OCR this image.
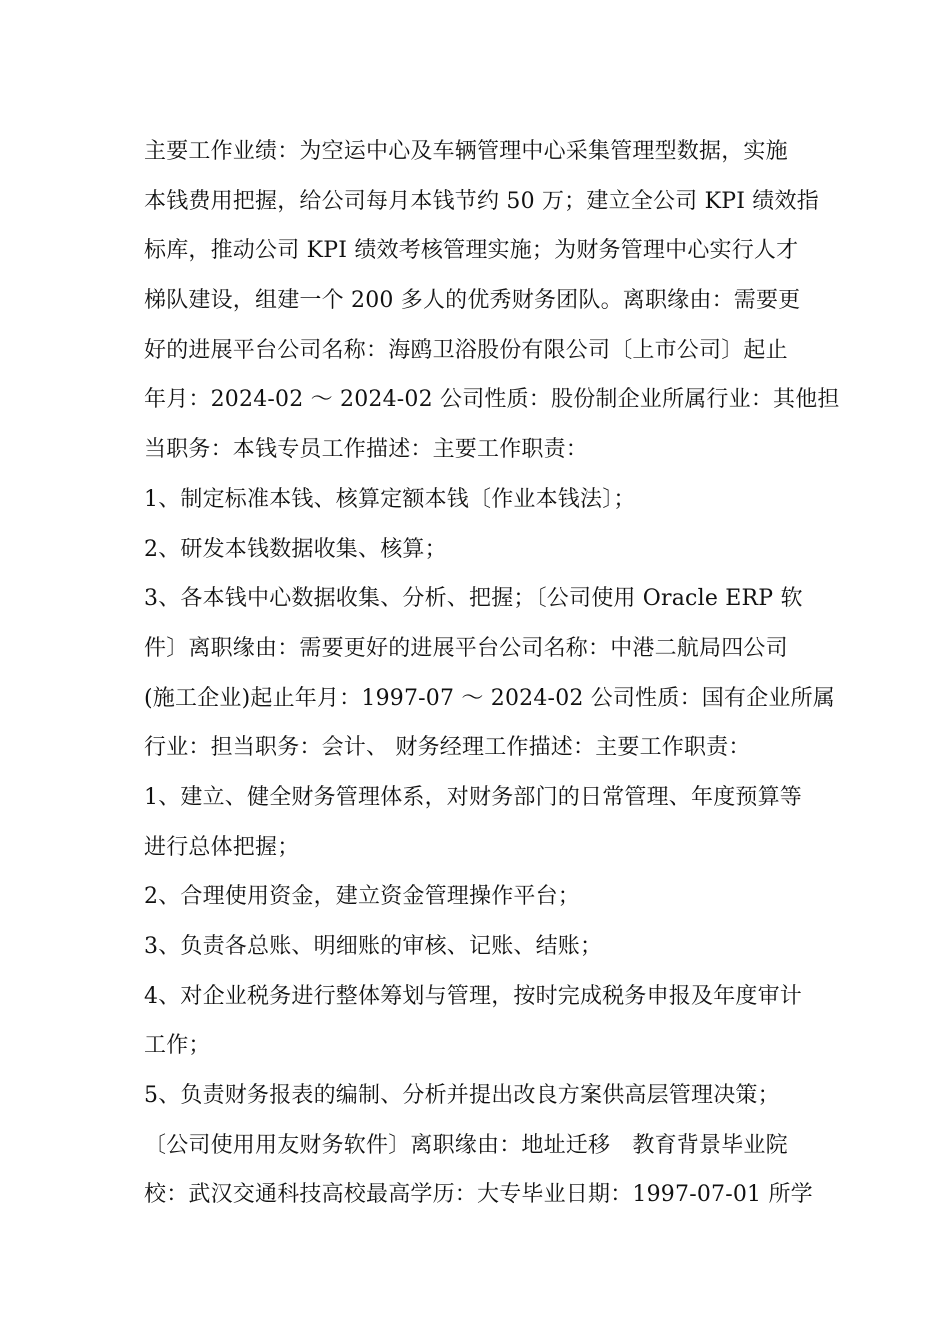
主要工作业绩：为空运中心及车辆管理中心采集管理型数据，实施
本钱费用把握，给公司每月本钱节约 50 万；建立全公司 KPI 绩效指
标库，推动公司 KPI 绩效考核管理实施；为财务管理中心实行人才
梯队建设，组建一个 200 多人的优秀财务团队。离职缘由：需要更
好的进展平台公司名称：海鸥卫浴股份有限公司〔上市公司〕起止
年月：2024-02 ～ 2024-02 公司性质：股份制企业所属行业：其他担
当职务：本钱专员工作描述：主要工作职责：
1、制定标准本钱、核算定额本钱〔作业本钱法〕；
2、研发本钱数据收集、核算；
3、各本钱中心数据收集、分析、把握；〔公司使用 Oracle ERP 软
件〕离职缘由：需要更好的进展平台公司名称：中港二航局四公司
(施工企业)起止年月：1997-07 ～ 2024-02 公司性质：国有企业所属
行业：担当职务：会计、 财务经理工作描述：主要工作职责：
1、建立、健全财务管理体系，对财务部门的日常管理、年度预算等
进行总体把握；
2、合理使用资金，建立资金管理操作平台；
3、负责各总账、明细账的审核、记账、结账；
4、对企业税务进行整体筹划与管理，按时完成税务申报及年度审计
工作；
5、负责财务报表的编制、分析并提出改良方案供高层管理决策；
〔公司使用用友财务软件〕离职缘由：地址迁移　教育背景毕业院
校：武汉交通科技高校最高学历：大专毕业日期：1997-07-01 所学
